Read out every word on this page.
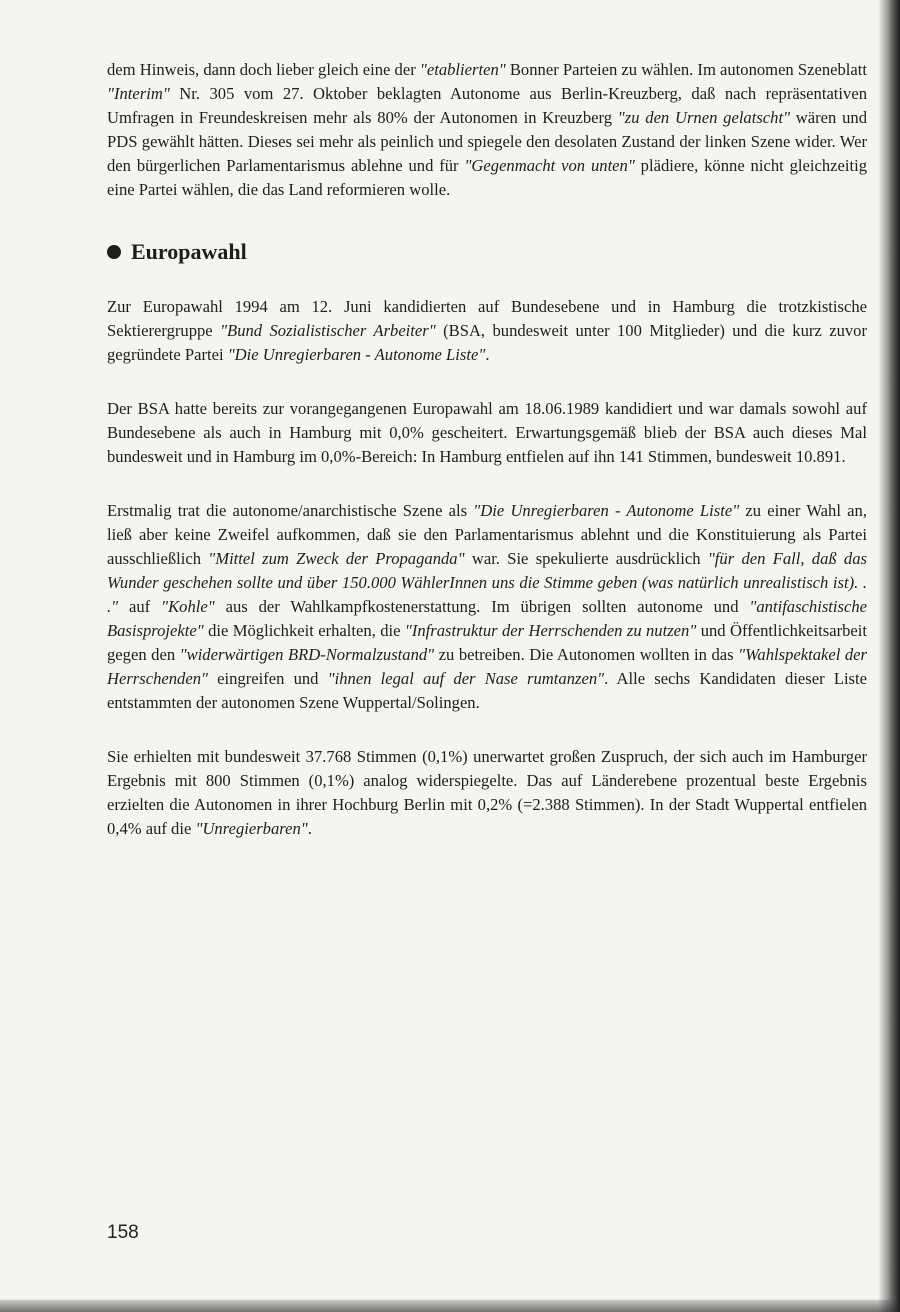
dem Hinweis, dann doch lieber gleich eine der "etablierten" Bonner Parteien zu wählen. Im autonomen Szeneblatt "Interim" Nr. 305 vom 27. Oktober beklagten Autonome aus Berlin-Kreuzberg, daß nach repräsentativen Umfragen in Freundeskreisen mehr als 80% der Autonomen in Kreuzberg "zu den Urnen gelatscht" wären und PDS gewählt hätten. Dieses sei mehr als peinlich und spiegele den desolaten Zustand der linken Szene wider. Wer den bürgerlichen Parlamentarismus ablehne und für "Gegenmacht von unten" plädiere, könne nicht gleichzeitig eine Partei wählen, die das Land reformieren wolle.

Europawahl

Zur Europawahl 1994 am 12. Juni kandidierten auf Bundesebene und in Hamburg die trotzkistische Sektierergruppe "Bund Sozialistischer Arbeiter" (BSA, bundesweit unter 100 Mitglieder) und die kurz zuvor gegründete Partei "Die Unregierbaren - Autonome Liste".

Der BSA hatte bereits zur vorangegangenen Europawahl am 18.06.1989 kandidiert und war damals sowohl auf Bundesebene als auch in Hamburg mit 0,0% gescheitert. Erwartungsgemäß blieb der BSA auch dieses Mal bundesweit und in Hamburg im 0,0%-Bereich: In Hamburg entfielen auf ihn 141 Stimmen, bundesweit 10.891.

Erstmalig trat die autonome/anarchistische Szene als "Die Unregierbaren - Autonome Liste" zu einer Wahl an, ließ aber keine Zweifel aufkommen, daß sie den Parlamentarismus ablehnt und die Konstituierung als Partei ausschließlich "Mittel zum Zweck der Propaganda" war. Sie spekulierte ausdrücklich "für den Fall, daß das Wunder geschehen sollte und über 150.000 WählerInnen uns die Stimme geben (was natürlich unrealistisch ist). . ." auf "Kohle" aus der Wahlkampfkostenerstattung. Im übrigen sollten autonome und "antifaschistische Basisprojekte" die Möglichkeit erhalten, die "Infrastruktur der Herrschenden zu nutzen" und Öffentlichkeitsarbeit gegen den "widerwärtigen BRD-Normalzustand" zu betreiben. Die Autonomen wollten in das "Wahlspektakel der Herrschenden" eingreifen und "ihnen legal auf der Nase rumtanzen". Alle sechs Kandidaten dieser Liste entstammten der autonomen Szene Wuppertal/Solingen.

Sie erhielten mit bundesweit 37.768 Stimmen (0,1%) unerwartet großen Zuspruch, der sich auch im Hamburger Ergebnis mit 800 Stimmen (0,1%) analog widerspiegelte. Das auf Länderebene prozentual beste Ergebnis erzielten die Autonomen in ihrer Hochburg Berlin mit 0,2% (=2.388 Stimmen). In der Stadt Wuppertal entfielen 0,4% auf die "Unregierbaren".

158
